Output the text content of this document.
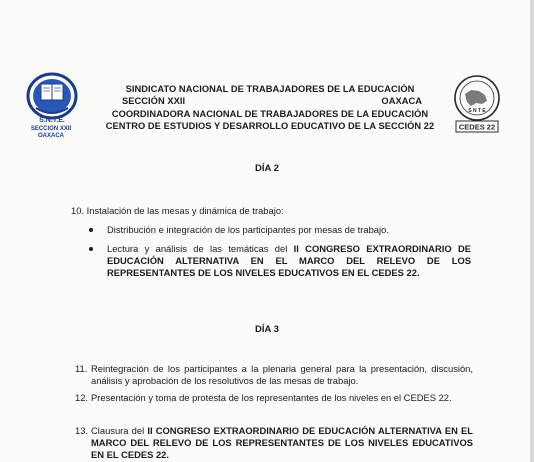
S.N.T.E.
SECCION XXII
OAXACA
S N T E
CEDES 22
SINDICATO NACIONAL DE TRABAJADORES DE LA EDUCACIÓN
SECCIÓN XXII	OAXACA
COORDINADORA NACIONAL DE TRABAJADORES DE LA EDUCACIÓN
CENTRO DE ESTUDIOS Y DESARROLLO EDUCATIVO DE LA SECCIÓN 22
DÍA 2
10. Instalación de las mesas y dinámica de trabajo:
Distribución e integración de los participantes por mesas de trabajo.
Lectura y análisis de las temáticas del II CONGRESO EXTRAORDINARIO DE EDUCACIÓN ALTERNATIVA EN EL MARCO DEL RELEVO DE LOS REPRESENTANTES DE LOS NIVELES EDUCATIVOS EN EL CEDES 22.
DÍA 3
11. Reintegración de los participantes a la plenaria general para la presentación, discusión, análisis y aprobación de los resolutivos de las mesas de trabajo.
12. Presentación y toma de protesta de los representantes de los niveles en el CEDES 22.
13. Clausura del II CONGRESO EXTRAORDINARIO DE EDUCACIÓN ALTERNATIVA EN EL MARCO DEL RELEVO DE LOS REPRESENTANTES DE LOS NIVELES EDUCATIVOS EN EL CEDES 22.
